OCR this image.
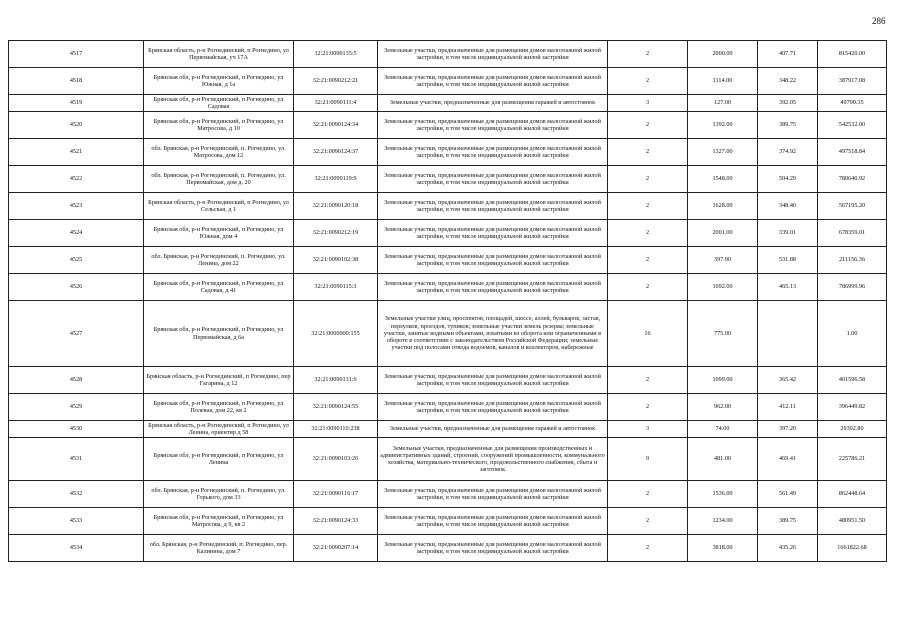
286
4517	Брянская область, р-н Рогнединский, п Рогнедино, ул Первомайская, уч 17А	32:21:0090135:5	Земельные участки, предназначенные для размещения домов малоэтажной жилой застройки, в том числе индивидуальной жилой застройки	2	2000.00	407.71	815420.00
4518	Брянская обл, р-н Рогнединский, п Рогнедино, ул Южная, д 1а	32:21:0090212:21	Земельные участки, предназначенные для размещения домов малоэтажной жилой застройки, в том числе индивидуальной жилой застройки	2	1114.00	348.22	387917.08
4519	Брянская обл, р-н Рогнединский, п Рогнедино, ул Садовая	32:21:0090111:4	Земельные участки, предназначенные для размещения гаражей и автостоянок	3	127.00	392.05	49790.35
4520	Брянская обл, р-н Рогнединский, п Рогнедино, ул Матросова, д 10	32:21:0090124:34	Земельные участки, предназначенные для размещения домов малоэтажной жилой застройки, в том числе индивидуальной жилой застройки	2	1392.00	389.75	542532.00
4521	обл. Брянская, р-н Рогнединский, п. Рогнедино, ул. Матросова, дом 12	32:21:0090124:37	Земельные участки, предназначенные для размещения домов малоэтажной жилой застройки, в том числе индивидуальной жилой застройки	2	1327.00	374.92	497518.84
4522	обл. Брянская, р-н Рогнединский, п. Рогнедино, ул. Первомайская, дом д. 20	32:21:0090119:9	Земельные участки, предназначенные для размещения домов малоэтажной жилой застройки, в том числе индивидуальной жилой застройки	2	1548.00	504.29	780640.92
4523	Брянская область, р-н Рогнединский, п Рогнедино, ул Сельская, д 1	32:21:0090120:18	Земельные участки, предназначенные для размещения домов малоэтажной жилой застройки, в том числе индивидуальной жилой застройки	2	1628.00	348.40	567195.20
4524	Брянская обл, р-н Рогнединский, п Рогнедино, ул Южная, дом 4	32:21:0090212:19	Земельные участки, предназначенные для размещения домов малоэтажной жилой застройки, в том числе индивидуальной жилой застройки	2	2001.00	339.01	678359.01
4525	обл. Брянская, р-н Рогнединский, п. Рогнедино, ул. Ленина, дом 22	32:21:0090102:38	Земельные участки, предназначенные для размещения домов малоэтажной жилой застройки, в том числе индивидуальной жилой застройки	2	397.00	531.88	211156.36
4526	Брянская обл, р-н Рогнединский, п Рогнедино, ул Садовая, д 41	32:21:0090115:3	Земельные участки, предназначенные для размещения домов малоэтажной жилой застройки, в том числе индивидуальной жилой застройки	2	1692.00	465.13	786999.96
4527	Брянская обл, р-н Рогнединский, п Рогнедино, ул Первомайская, д 6а	32:21:0000000:155	Земельные участки улиц, проспектов, площадей, шоссе, аллей, бульваров, застав, переулков, проездов, тупиков; земельные участки земель резерва; земельные участки, занятые водными объектами, изъятыми из оборота или ограниченными в обороте в соответствии с законодательством Российской Федерации; земельные участки под полосами отвода водоемов, каналов и коллекторов, набережные	16	775.00		1.00
4528	Брянская область, р-н Рогнединский, п Рогнедино, пер Гагарина, д 12	32:21:0090131:6	Земельные участки, предназначенные для размещения домов малоэтажной жилой застройки, в том числе индивидуальной жилой застройки	2	1099.00	365.42	401596.58
4529	Брянская обл, р-н Рогнединский, п Рогнедино, ул Полевая, дом 22, кв 2	32:21:0090124:55	Земельные участки, предназначенные для размещения домов малоэтажной жилой застройки, в том числе индивидуальной жилой застройки	2	962.00	412.11	396449.82
4530	Брянская область, р-н Рогнединский, п Рогнедино, ул Ленина, ориентир д 58	32:21:0090110:238	Земельные участки, предназначенные для размещения гаражей и автостоянок	3	74.00	397.20	29392.80
4531	Брянская обл, р-н Рогнединский, п Рогнедино, ул Ленина	32:21:0090103:26	Земельные участки, предназначенные для размещения производственных и административных зданий, строений, сооружений промышленности, коммунального хозяйства, материально-технического, продовольственного снабжения, сбыта и заготовок	9	481.00	469.41	225786.21
4532	обл. Брянская, р-н Рогнединский, п. Рогнедино, ул. Горького, дом 33	32:21:0090116:17	Земельные участки, предназначенные для размещения домов малоэтажной жилой застройки, в том числе индивидуальной жилой застройки	2	1536.00	561.49	862448.64
4533	Брянская обл, р-н Рогнединский, п Рогнедино, ул Матросова, д 9, кв 2	32:21:0090124:33	Земельные участки, предназначенные для размещения домов малоэтажной жилой застройки, в том числе индивидуальной жилой застройки	2	1234.00	389.75	480951.50
4534	обл. Брянская, р-н Рогнединский, п. Рогнедино, пер. Калинина, дом 7	32:21:0090207:14	Земельные участки, предназначенные для размещения домов малоэтажной жилой застройки, в том числе индивидуальной жилой застройки	2	3818.00	435.26	1661822.68
